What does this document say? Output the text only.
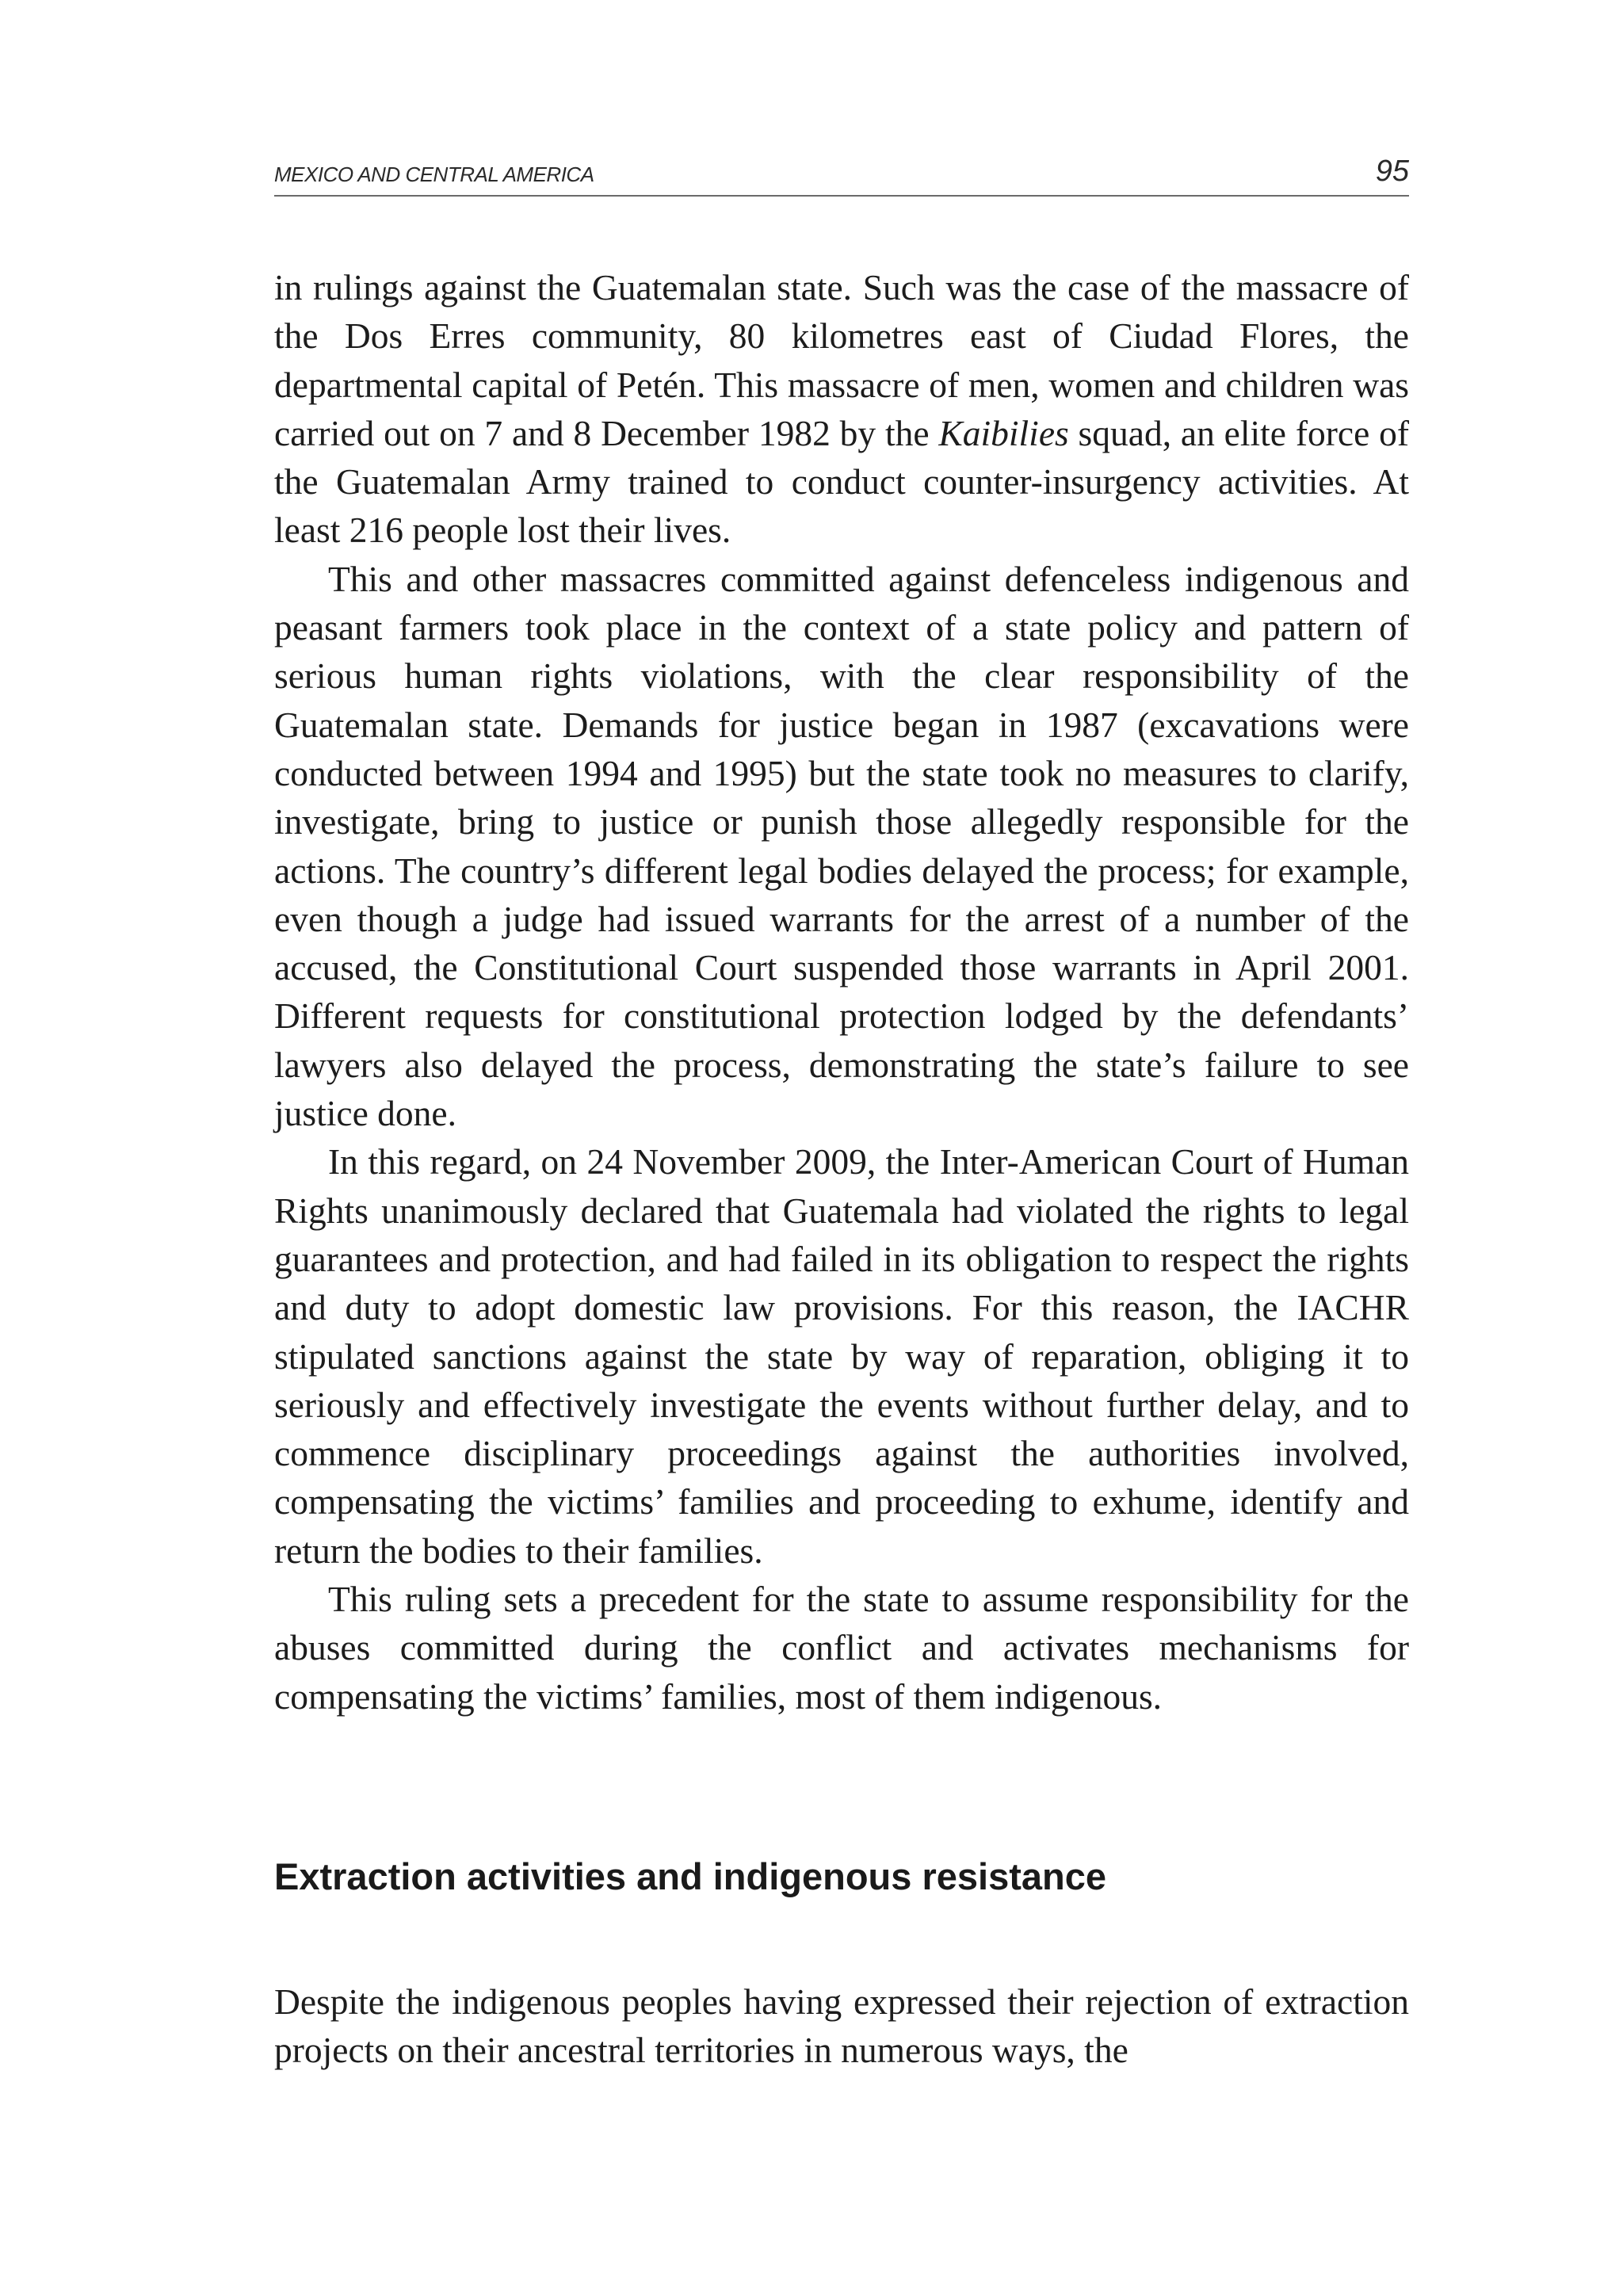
MEXICO AND CENTRAL AMERICA	95

in rulings against the Guatemalan state. Such was the case of the massacre of the Dos Erres community, 80 kilometres east of Ciudad Flores, the departmental capital of Petén. This massacre of men, women and children was carried out on 7 and 8 December 1982 by the Kaibilies squad, an elite force of the Guatemalan Army trained to conduct counter-insurgency activities. At least 216 people lost their lives.

This and other massacres committed against defenceless indigenous and peasant farmers took place in the context of a state policy and pattern of serious human rights violations, with the clear responsibility of the Guatemalan state. Demands for justice began in 1987 (excavations were conducted between 1994 and 1995) but the state took no measures to clarify, investigate, bring to justice or punish those allegedly responsible for the actions. The country’s different legal bodies delayed the process; for example, even though a judge had issued warrants for the arrest of a number of the accused, the Constitutional Court suspended those warrants in April 2001. Different requests for constitutional protection lodged by the defendants’ lawyers also delayed the process, demonstrating the state’s failure to see justice done.

In this regard, on 24 November 2009, the Inter-American Court of Human Rights unanimously declared that Guatemala had violated the rights to legal guarantees and protection, and had failed in its obligation to respect the rights and duty to adopt domestic law provisions. For this reason, the IACHR stipulated sanctions against the state by way of reparation, obliging it to seriously and effectively investigate the events without further delay, and to commence disciplinary proceedings against the authorities involved, compensating the victims’ families and proceeding to exhume, identify and return the bodies to their families.

This ruling sets a precedent for the state to assume responsibility for the abuses committed during the conflict and activates mechanisms for compensating the victims’ families, most of them indigenous.

Extraction activities and indigenous resistance

Despite the indigenous peoples having expressed their rejection of extraction projects on their ancestral territories in numerous ways, the
